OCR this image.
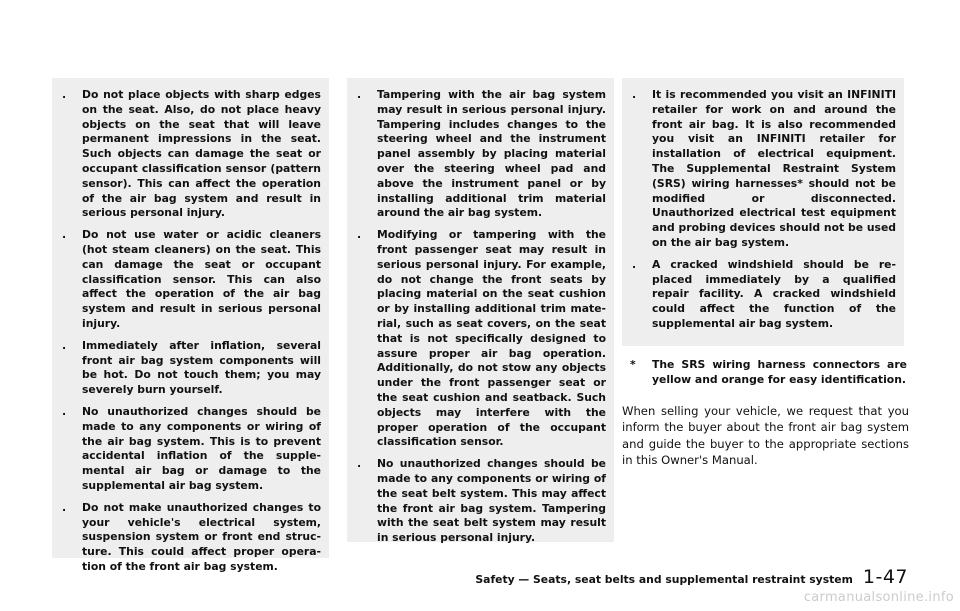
. Do not place objects with sharp edges on the seat. Also, do not place heavy objects on the seat that will leave permanent impressions in the seat. Such objects can damage the seat or occupant classification sensor (pattern sensor). This can affect the operation of the air bag system and result in serious personal injury.
. Do not use water or acidic cleaners (hot steam cleaners) on the seat. This can damage the seat or occupant classification sensor. This can also affect the operation of the air bag system and result in serious personal injury.
. Immediately after inflation, several front air bag system components will be hot. Do not touch them; you may severely burn yourself.
. No unauthorized changes should be made to any components or wiring of the air bag system. This is to prevent accidental inflation of the supplemental air bag or damage to the supplemental air bag system.
. Do not make unauthorized changes to your vehicle's electrical system, suspension system or front end structure. This could affect proper operation of the front air bag system.
. Tampering with the air bag system may result in serious personal injury. Tampering includes changes to the steering wheel and the instrument panel assembly by placing material over the steering wheel pad and above the instrument panel or by installing additional trim material around the air bag system.
. Modifying or tampering with the front passenger seat may result in serious personal injury. For example, do not change the front seats by placing material on the seat cushion or by installing additional trim material, such as seat covers, on the seat that is not specifically designed to assure proper air bag operation. Additionally, do not stow any objects under the front passenger seat or the seat cushion and seatback. Such objects may interfere with the proper operation of the occupant classification sensor.
. No unauthorized changes should be made to any components or wiring of the seat belt system. This may affect the front air bag system. Tampering with the seat belt system may result in serious personal injury.
. It is recommended you visit an INFINITI retailer for work on and around the front air bag. It is also recommended you visit an INFINITI retailer for installation of electrical equipment. The Supplemental Restraint System (SRS) wiring harnesses* should not be modified or disconnected. Unauthorized electrical test equipment and probing devices should not be used on the air bag system.
. A cracked windshield should be replaced immediately by a qualified repair facility. A cracked windshield could affect the function of the supplemental air bag system.
*	The SRS wiring harness connectors are yellow and orange for easy identification.

When selling your vehicle, we request that you inform the buyer about the front air bag system and guide the buyer to the appropriate sections in this Owner's Manual.

Safety — Seats, seat belts and supplemental restraint system 1-47
carmanualsonline.info
